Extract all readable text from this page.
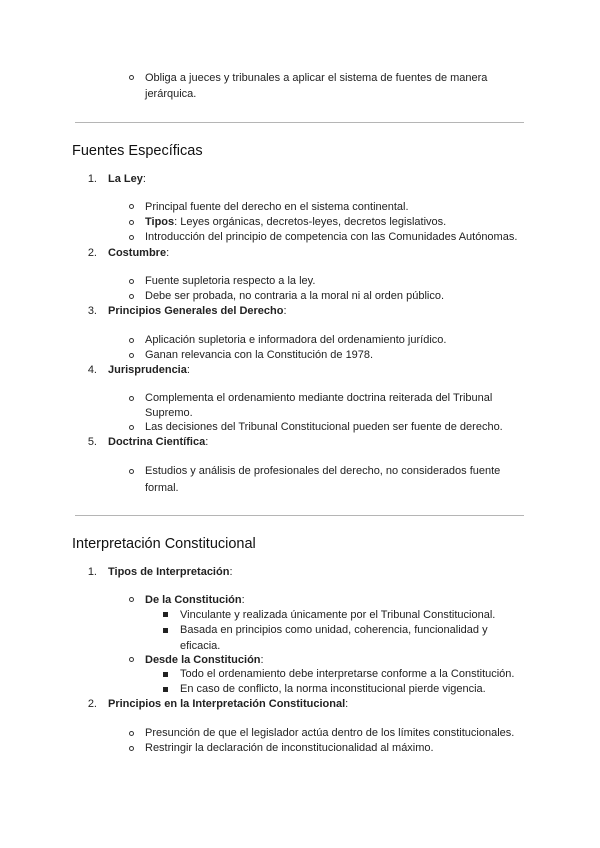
Obliga a jueces y tribunales a aplicar el sistema de fuentes de manera
jerárquica.
Fuentes Específicas
1. La Ley:
Principal fuente del derecho en el sistema continental.
Tipos: Leyes orgánicas, decretos-leyes, decretos legislativos.
Introducción del principio de competencia con las Comunidades Autónomas.
2. Costumbre:
Fuente supletoria respecto a la ley.
Debe ser probada, no contraria a la moral ni al orden público.
3. Principios Generales del Derecho:
Aplicación supletoria e informadora del ordenamiento jurídico.
Ganan relevancia con la Constitución de 1978.
4. Jurisprudencia:
Complementa el ordenamiento mediante doctrina reiterada del Tribunal
Supremo.
Las decisiones del Tribunal Constitucional pueden ser fuente de derecho.
5. Doctrina Científica:
Estudios y análisis de profesionales del derecho, no considerados fuente
formal.
Interpretación Constitucional
1. Tipos de Interpretación:
De la Constitución:
Vinculante y realizada únicamente por el Tribunal Constitucional.
Basada en principios como unidad, coherencia, funcionalidad y
eficacia.
Desde la Constitución:
Todo el ordenamiento debe interpretarse conforme a la Constitución.
En caso de conflicto, la norma inconstitucional pierde vigencia.
2. Principios en la Interpretación Constitucional:
Presunción de que el legislador actúa dentro de los límites constitucionales.
Restringir la declaración de inconstitucionalidad al máximo.
